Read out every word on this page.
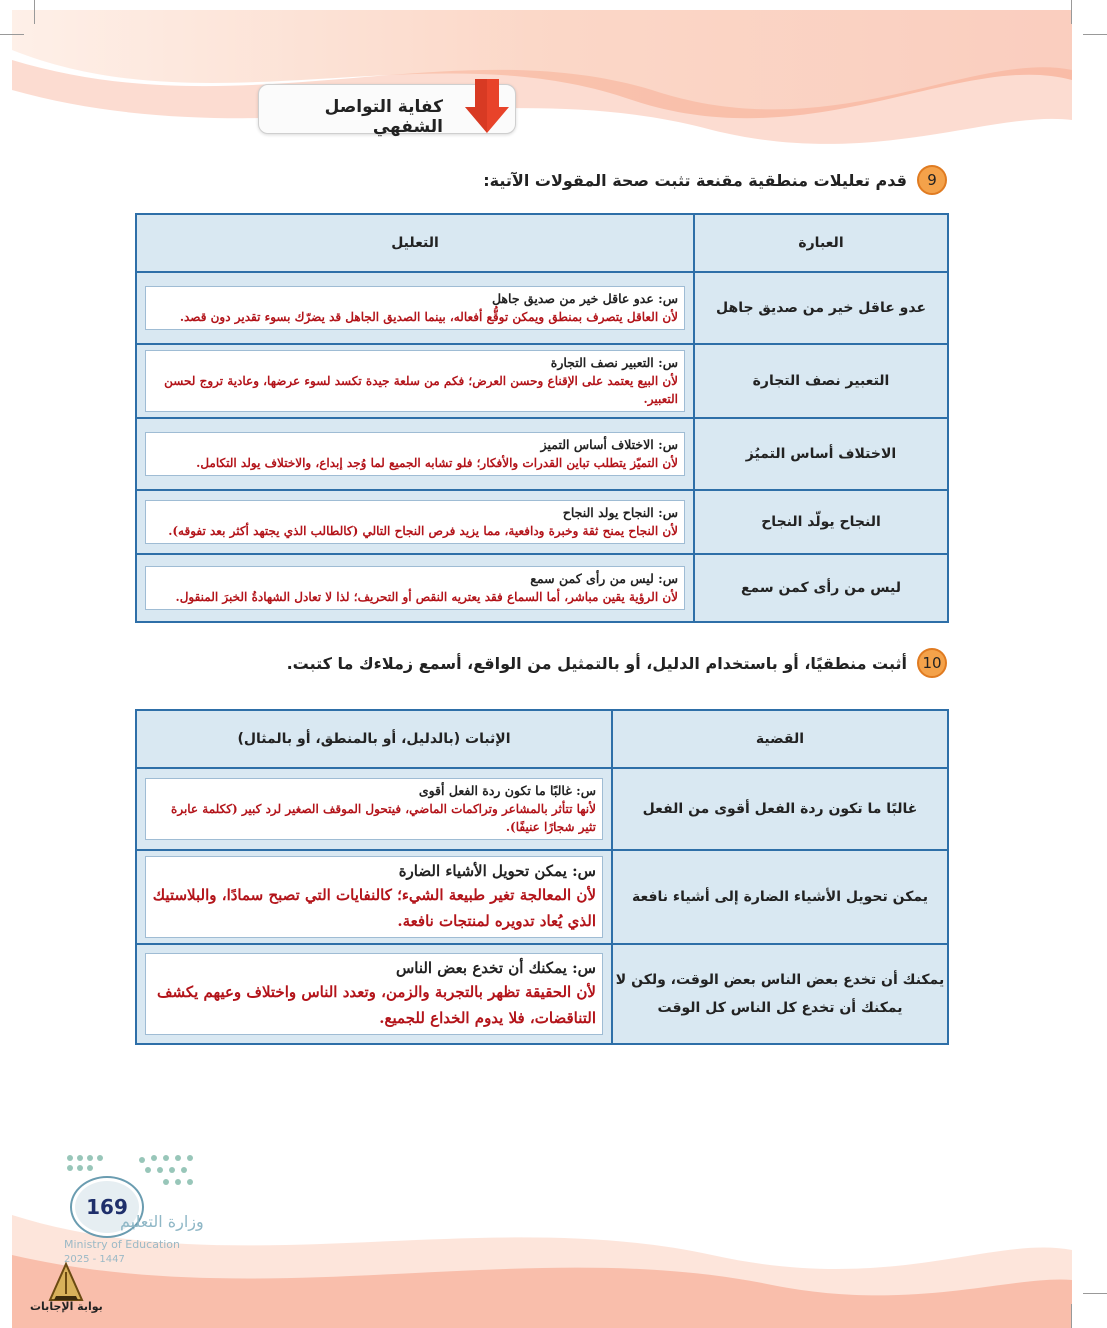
كفاية التواصل الشفهي
9
قدم تعليلات منطقية مقنعة تثبت صحة المقولات الآتية:
العبارة	التعليل
عدو عاقل خير من صديق جاهل	س: عدو عاقل خير من صديق جاهل
لأن العاقل يتصرف بمنطق ويمكن توقُّع أفعاله، بينما الصديق الجاهل قد يضرّك بسوء تقدير دون قصد.

التعبير نصف التجارة	س: التعبير نصف التجارة
لأن البيع يعتمد على الإقناع وحسن العرض؛ فكم من سلعة جيدة تكسد لسوء عرضها، وعادية تروج لحسن التعبير.

الاختلاف أساس التميُز	س: الاختلاف أساس التميز
لأن التميّز يتطلب تباين القدرات والأفكار؛ فلو تشابه الجميع لما وُجد إبداع، والاختلاف يولد التكامل.

النجاح يولّد النجاح	س: النجاح يولد النجاح
لأن النجاح يمنح ثقة وخبرة ودافعية، مما يزيد فرص النجاح التالي (كالطالب الذي يجتهد أكثر بعد تفوقه).

ليس من رأى كمن سمع	س: ليس من رأى كمن سمع
لأن الرؤية يقين مباشر، أما السماع فقد يعتريه النقص أو التحريف؛ لذا لا تعادل الشهادةُ الخبرَ المنقول.
10
أثبت منطقيًا، أو باستخدام الدليل، أو بالتمثيل من الواقع، أسمع زملاءك ما كتبت.
القضية	الإثبات (بالدليل، أو بالمنطق، أو بالمثال)
غالبًا ما تكون ردة الفعل أقوى من الفعل	س: غالبًا ما تكون ردة الفعل أقوى
لأنها تتأثر بالمشاعر وتراكمات الماضي، فيتحول الموقف الصغير لرد كبير (ككلمة عابرة تثير شجارًا عنيفًا).

يمكن تحويل الأشياء الضارة إلى أشياء نافعة	س: يمكن تحويل الأشياء الضارة
لأن المعالجة تغير طبيعة الشيء؛ كالنفايات التي تصبح سمادًا، والبلاستيك الذي يُعاد تدويره لمنتجات نافعة.

يمكنك أن تخدع بعض الناس بعض الوقت، ولكن لا يمكنك أن تخدع كل الناس كل الوقت	س: يمكنك أن تخدع بعض الناس
لأن الحقيقة تظهر بالتجربة والزمن، وتعدد الناس واختلاف وعيهم يكشف التناقضات، فلا يدوم الخداع للجميع.
169
وزارة التعليم
Ministry of Education
2025 - 1447
بوابة الإجابات
